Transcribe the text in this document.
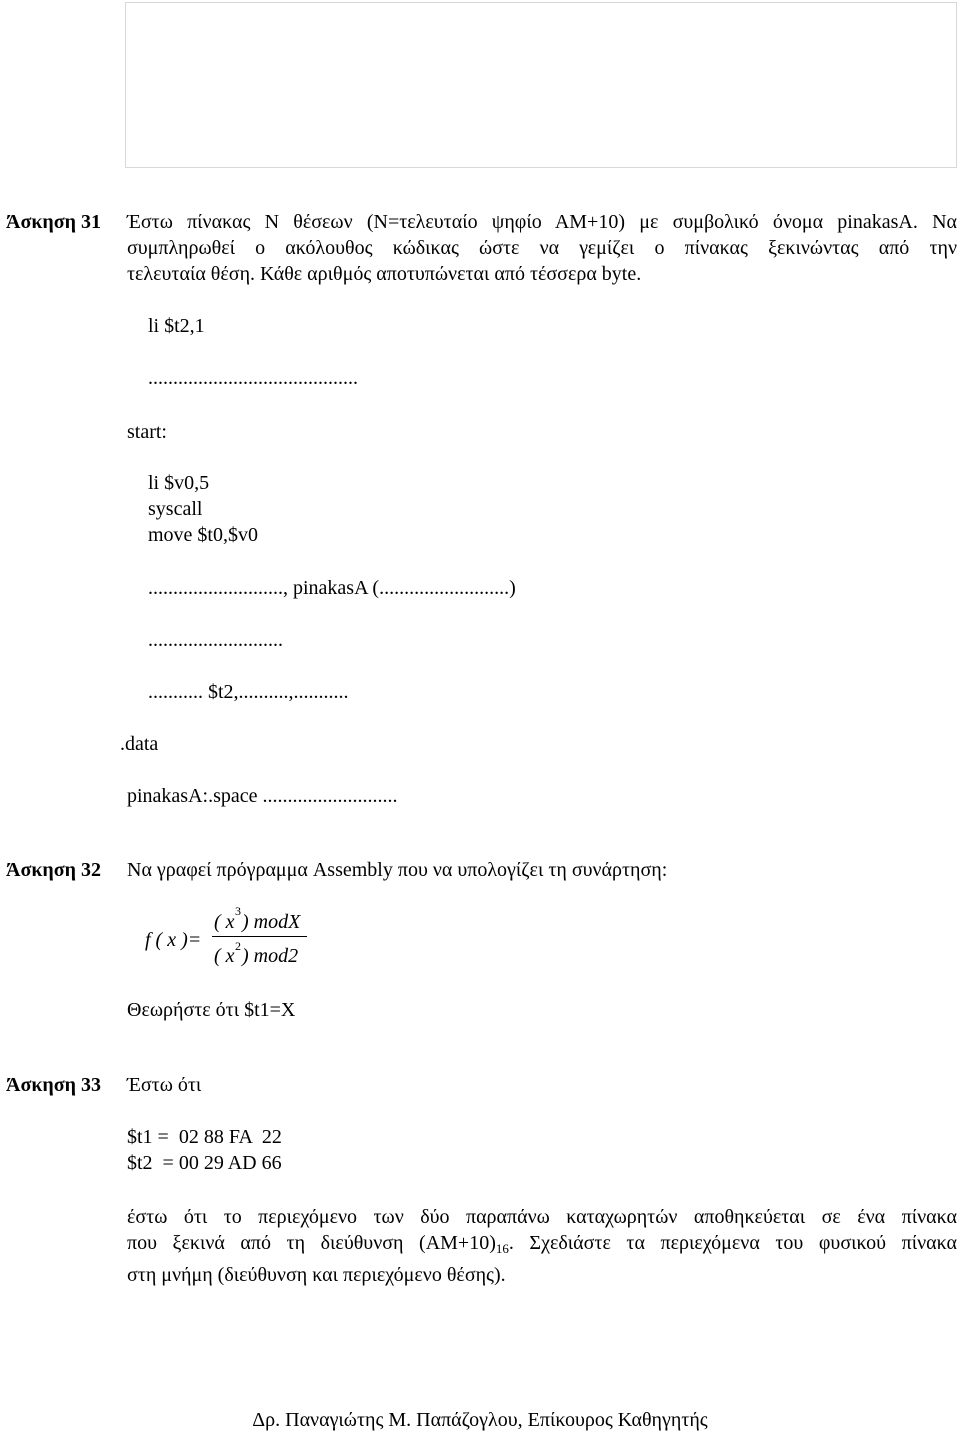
Άσκηση 31 Έστω πίνακας Ν θέσεων (Ν=τελευταίο ψηφίο ΑΜ+10) με συμβολικό όνομα pinakasA. Να
συμπληρωθεί ο ακόλουθος κώδικας ώστε να γεμίζει ο πίνακας ξεκινώντας από την
τελευταία θέση. Κάθε αριθμός αποτυπώνεται από τέσσερα byte.
li $t2,1
..........................................
start:
li $v0,5
syscall
move $t0,$v0
..........................., pinakasA (..........................)
...........................
........... $t2,..........,...........
.data
pinakasA:.space ...........................
Άσκηση 32 Να γραφεί πρόγραμμα Assembly που να υπολογίζει τη συνάρτηση:
f ( x )=
( x 3 ) modX
( x 2 ) mod2
Θεωρήστε ότι $t1=X
Άσκηση 33 Έστω ότι
$t1 =  02 88 FA  22
$t2  = 00 29 AD 66
έστω ότι το περιεχόμενο των δύο παραπάνω καταχωρητών αποθηκεύεται σε ένα πίνακα
που ξεκινά από τη διεύθυνση $(AM+10)_{16}$. Σχεδιάστε τα περιεχόμενα του φυσικού πίνακα
στη μνήμη (διεύθυνση και περιεχόμενο θέσης).
Δρ. Παναγιώτης Μ. Παπάζογλου, Επίκουρος Καθηγητής
